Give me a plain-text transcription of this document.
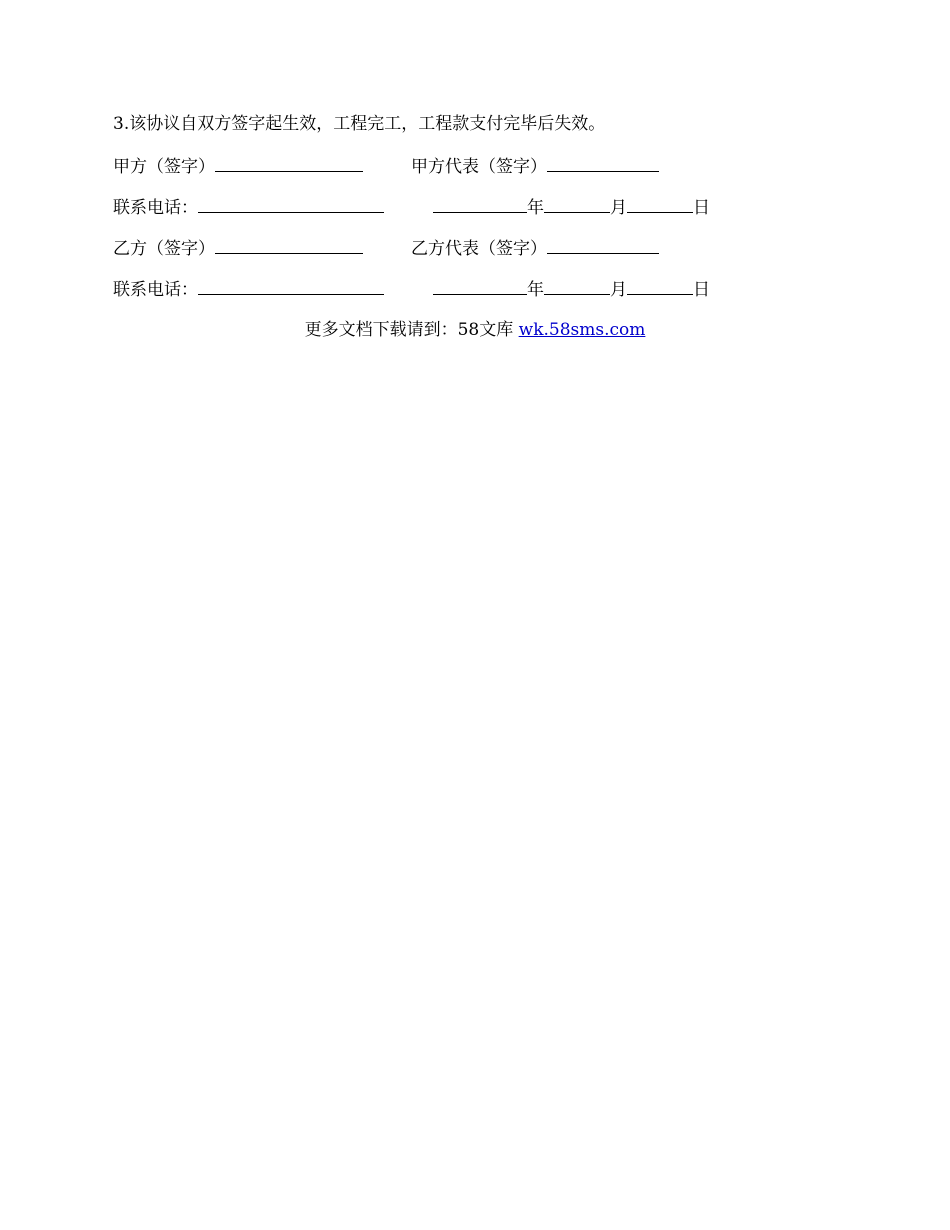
3.该协议自双方签字起生效，工程完工，工程款支付完毕后失效。
甲方（签字）	甲方代表（签字）
联系电话：	年	月	日
乙方（签字）	乙方代表（签字）
联系电话：	年	月	日
更多文档下载请到：58文库 wk.58sms.com
